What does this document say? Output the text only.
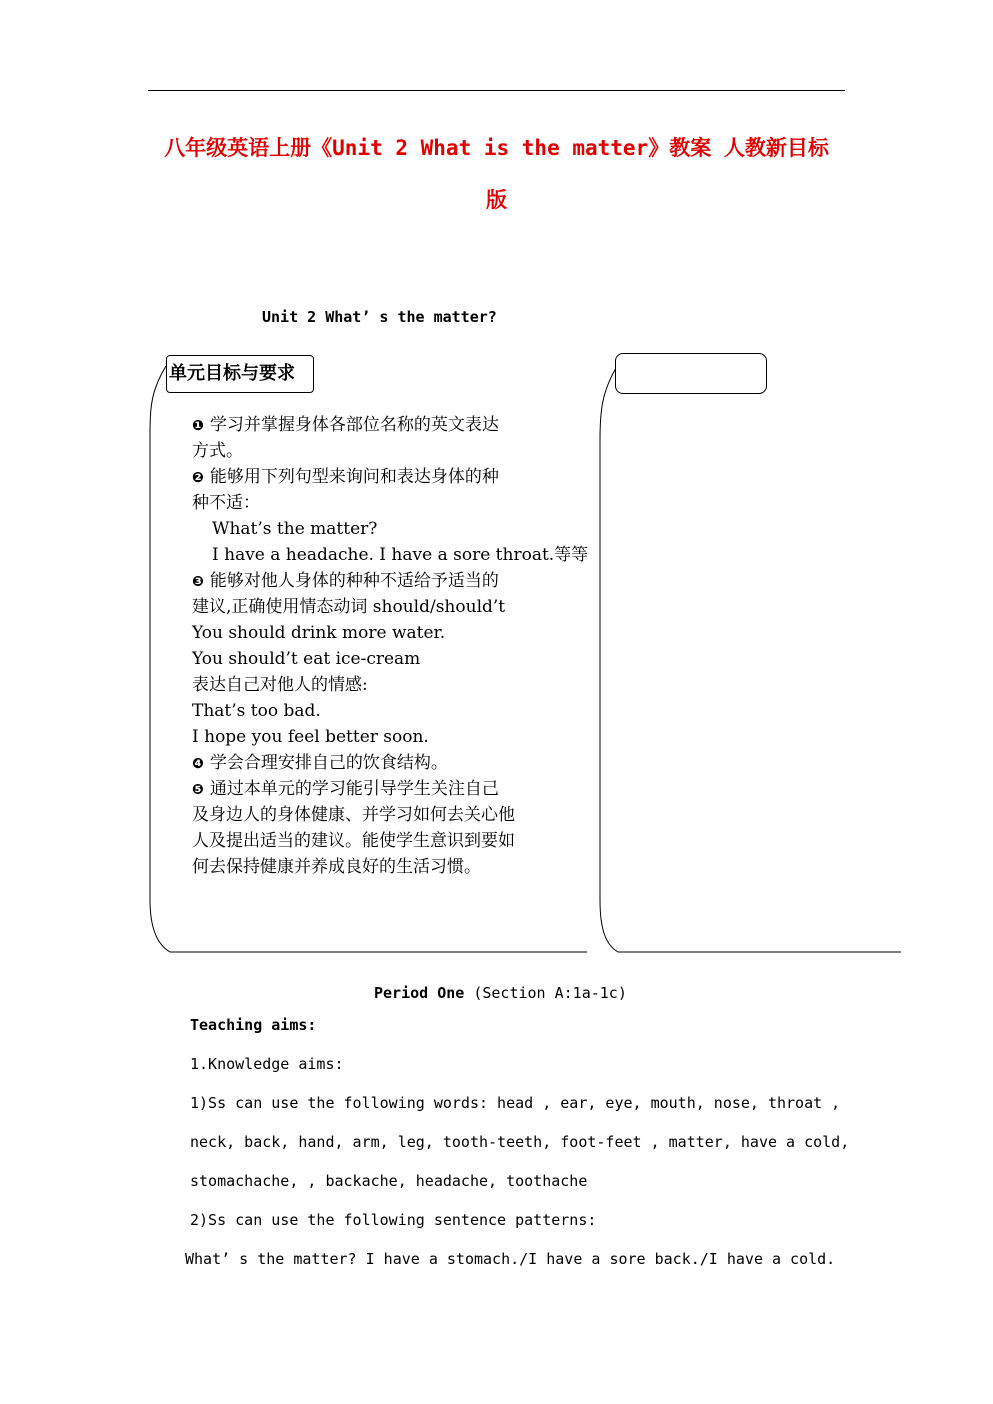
八年级英语上册《Unit 2 What is the matter》教案 人教新目标
版
Unit 2 What’ s the matter?
单元目标与要求
❶ 学习并掌握身体各部位名称的英文表达
方式。
❷ 能够用下列句型来询问和表达身体的种
种不适：
What’s the matter?
I have a headache. I have a sore throat.等等
❸ 能够对他人身体的种种不适给予适当的
建议,正确使用情态动词 should/should’t
You should drink more water.
You should’t eat ice-cream
表达自己对他人的情感:
That’s too bad.
I hope you feel better soon.
❹ 学会合理安排自己的饮食结构。
❺ 通过本单元的学习能引导学生关注自己
及身边人的身体健康、并学习如何去关心他
人及提出适当的建议。能使学生意识到要如
何去保持健康并养成良好的生活习惯。
Period One (Section A:1a-1c)
Teaching aims:
1.Knowledge aims:
1)Ss can use the following words: head , ear, eye, mouth, nose, throat ,
neck, back, hand, arm, leg, tooth-teeth, foot-feet , matter, have a cold,
stomachache, , backache, headache, toothache
2)Ss can use the following sentence patterns:
What’ s the matter? I have a stomach./I have a sore back./I have a cold.
